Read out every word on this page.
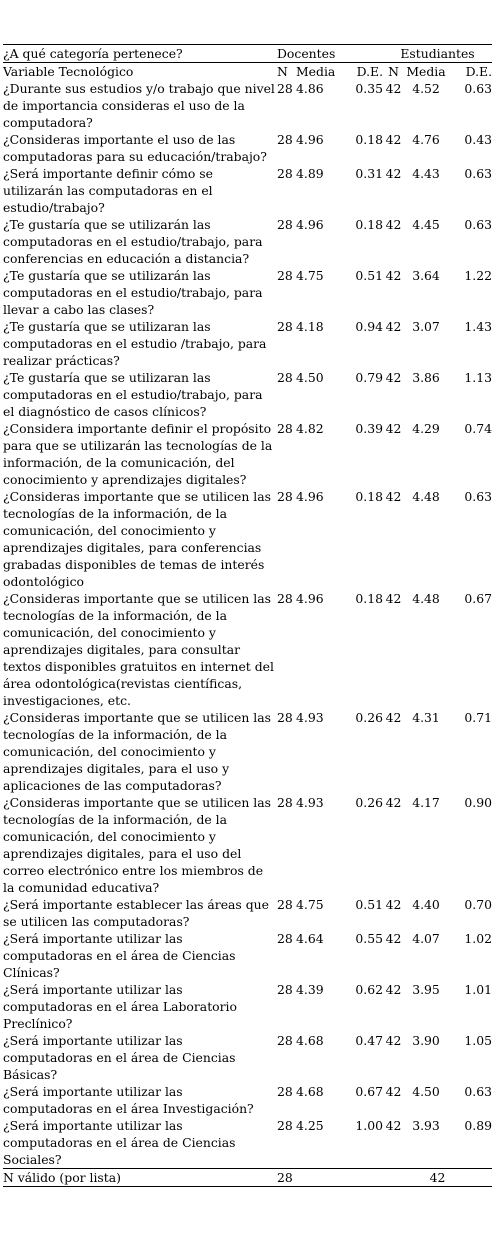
¿A qué categoría pertenece?	Docentes			Estudiantes		
Variable Tecnológico	N	Media	D.E.	N	Media	D.E.
¿Durante sus estudios y/o trabajo que nivel de importancia consideras el uso de la computadora?	28	4.86	0.35	42	4.52	0.63
¿Consideras importante el uso de las computadoras para su educación/trabajo?	28	4.96	0.18	42	4.76	0.43
¿Será importante definir cómo se utilizarán las computadoras en el estudio/trabajo?	28	4.89	0.31	42	4.43	0.63
¿Te gustaría que se utilizarán las computadoras en el estudio/trabajo, para conferencias en educación a distancia?	28	4.96	0.18	42	4.45	0.63
¿Te gustaría que se utilizarán las computadoras en el estudio/trabajo, para llevar a cabo las clases?	28	4.75	0.51	42	3.64	1.22
¿Te gustaría que se utilizaran las computadoras en el estudio /trabajo, para realizar prácticas?	28	4.18	0.94	42	3.07	1.43
¿Te gustaría que se utilizaran las computadoras en el estudio/trabajo, para el diagnóstico de casos clínicos?	28	4.50	0.79	42	3.86	1.13
¿Considera importante definir el propósito para que se utilizarán las tecnologías de la información, de la comunicación, del conocimiento y aprendizajes digitales?	28	4.82	0.39	42	4.29	0.74
¿Consideras importante que se utilicen las tecnologías de la información, de la comunicación, del conocimiento y aprendizajes digitales, para conferencias grabadas disponibles de temas de interés odontológico	28	4.96	0.18	42	4.48	0.63
¿Consideras importante que se utilicen las tecnologías de la información, de la comunicación, del conocimiento y aprendizajes digitales, para consultar textos disponibles gratuitos en internet del área odontológica(revistas científicas, investigaciones, etc.	28	4.96	0.18	42	4.48	0.67
¿Consideras importante que se utilicen las tecnologías de la información, de la comunicación, del conocimiento y aprendizajes digitales, para el uso y aplicaciones de las computadoras?	28	4.93	0.26	42	4.31	0.71
¿Consideras importante que se utilicen las tecnologías de la información, de la comunicación, del conocimiento y aprendizajes digitales, para el uso del correo electrónico entre los miembros de la comunidad educativa?	28	4.93	0.26	42	4.17	0.90
¿Será importante establecer las áreas que se utilicen las computadoras?	28	4.75	0.51	42	4.40	0.70
¿Será importante utilizar las computadoras en el área de Ciencias Clínicas?	28	4.64	0.55	42	4.07	1.02
¿Será importante utilizar las computadoras en el área Laboratorio Preclínico?	28	4.39	0.62	42	3.95	1.01
¿Será importante utilizar las computadoras en el área de Ciencias Básicas?	28	4.68	0.47	42	3.90	1.05
¿Será importante utilizar las computadoras en el área Investigación?	28	4.68	0.67	42	4.50	0.63
¿Será importante utilizar las computadoras en el área de Ciencias Sociales?	28	4.25	1.00	42	3.93	0.89
N válido (por lista)	28			42		
